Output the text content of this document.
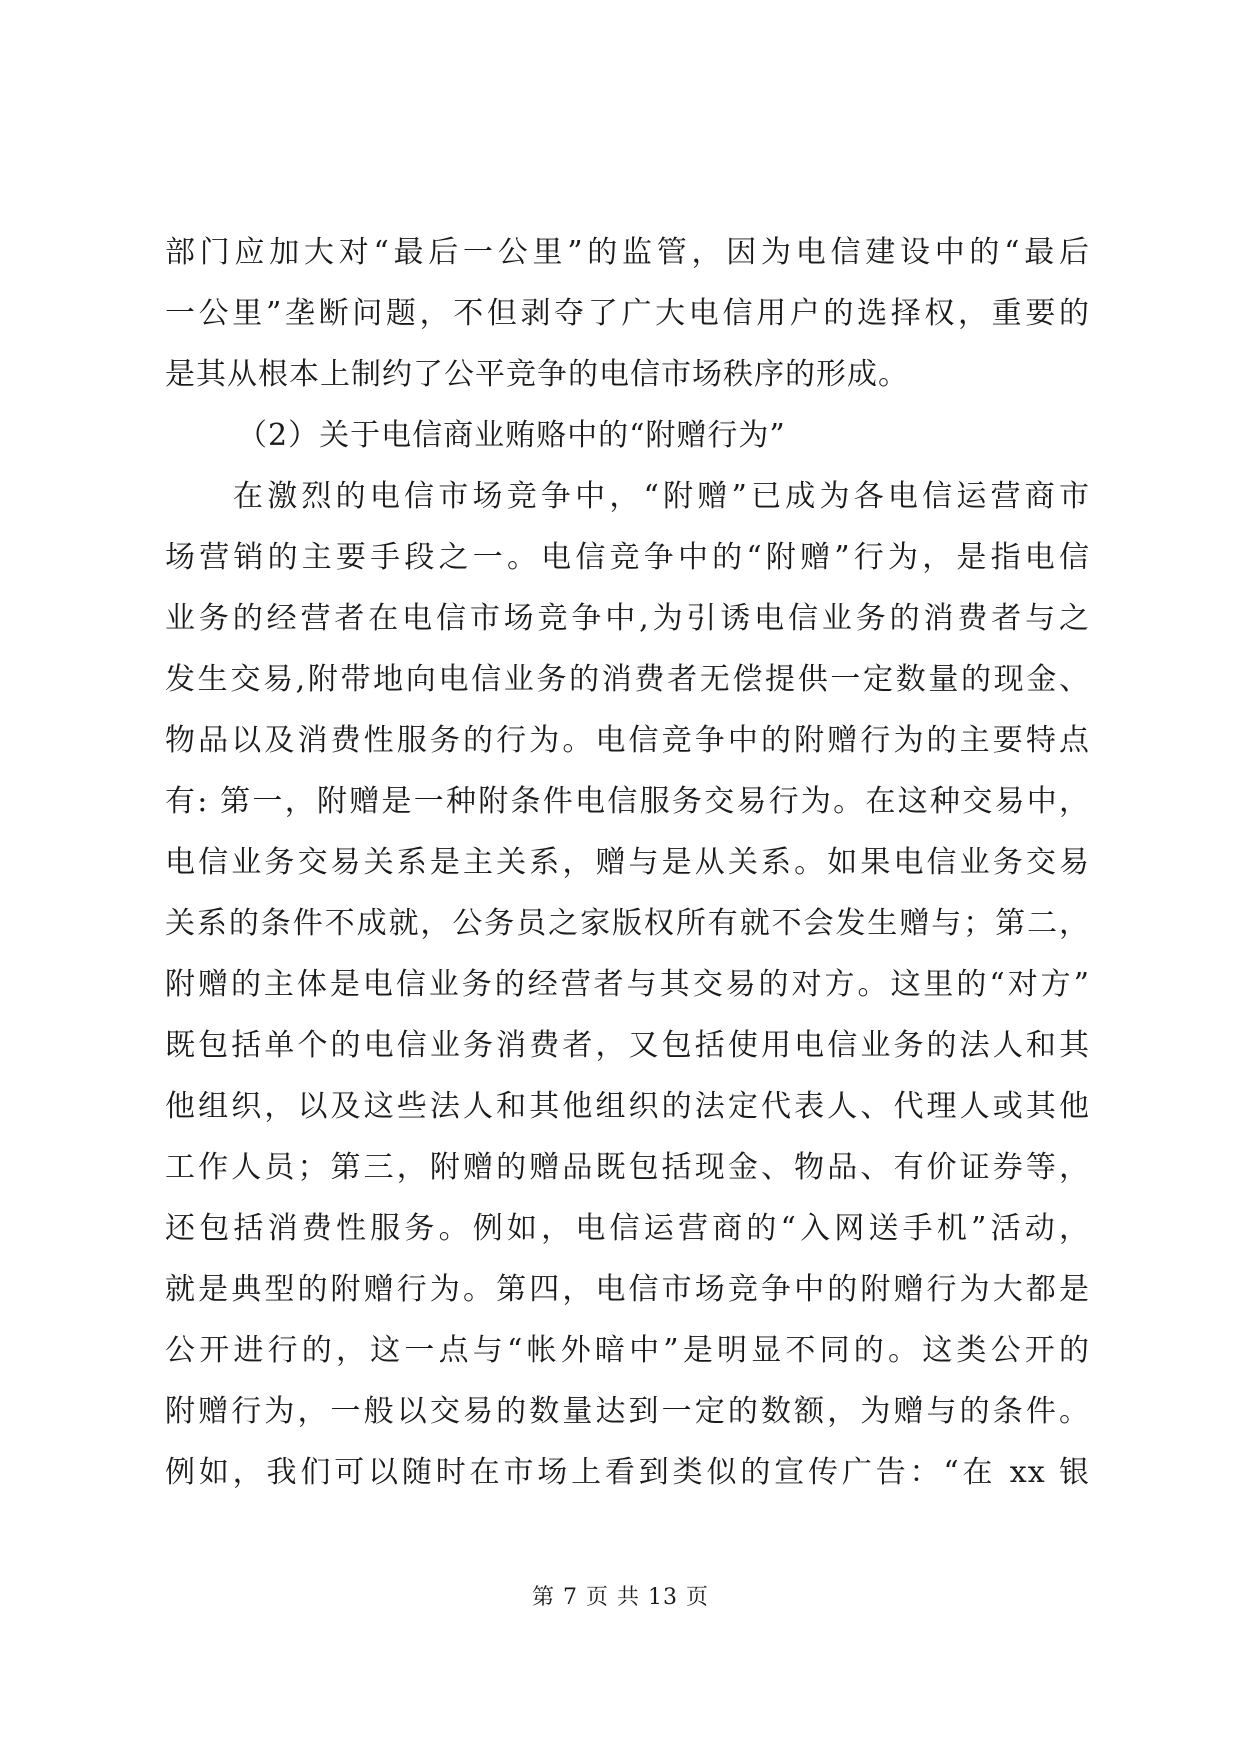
部门应加大对“最后一公里”的监管，因为电信建设中的“最后
一公里”垄断问题，不但剥夺了广大电信用户的选择权，重要的
是其从根本上制约了公平竞争的电信市场秩序的形成。
（2）关于电信商业贿赂中的“附赠行为”
在激烈的电信市场竞争中，“附赠”已成为各电信运营商市
场营销的主要手段之一。电信竞争中的“附赠”行为，是指电信
业务的经营者在电信市场竞争中,为引诱电信业务的消费者与之
发生交易,附带地向电信业务的消费者无偿提供一定数量的现金、
物品以及消费性服务的行为。电信竞争中的附赠行为的主要特点
有: 第一，附赠是一种附条件电信服务交易行为。在这种交易中，
电信业务交易关系是主关系，赠与是从关系。如果电信业务交易
关系的条件不成就，公务员之家版权所有就不会发生赠与；第二，
附赠的主体是电信业务的经营者与其交易的对方。这里的“对方”
既包括单个的电信业务消费者，又包括使用电信业务的法人和其
他组织，以及这些法人和其他组织的法定代表人、代理人或其他
工作人员；第三，附赠的赠品既包括现金、物品、有价证券等，
还包括消费性服务。例如，电信运营商的“入网送手机”活动，
就是典型的附赠行为。第四，电信市场竞争中的附赠行为大都是
公开进行的，这一点与“帐外暗中”是明显不同的。这类公开的
附赠行为，一般以交易的数量达到一定的数额，为赠与的条件。
例如，我们可以随时在市场上看到类似的宣传广告：“在 xx 银
第 7 页 共 13 页
